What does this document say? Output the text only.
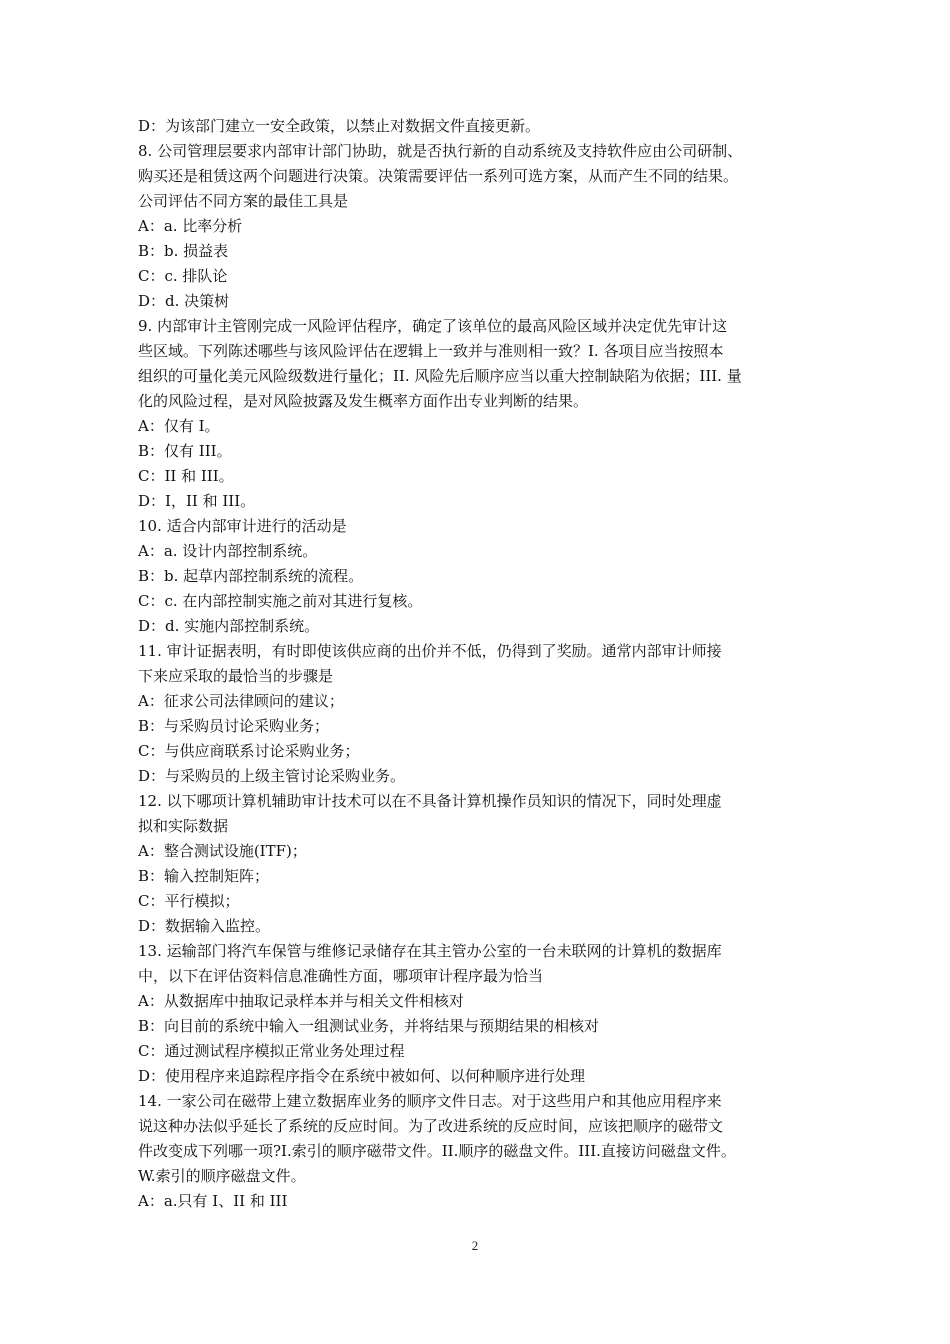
D：为该部门建立一安全政策，以禁止对数据文件直接更新。
8. 公司管理层要求内部审计部门协助，就是否执行新的自动系统及支持软件应由公司研制、
购买还是租赁这两个问题进行决策。决策需要评估一系列可选方案，从而产生不同的结果。
公司评估不同方案的最佳工具是
A：a. 比率分析
B：b. 损益表
C：c. 排队论
D：d. 决策树
9. 内部审计主管刚完成一风险评估程序，确定了该单位的最高风险区域并决定优先审计这
些区域。下列陈述哪些与该风险评估在逻辑上一致并与准则相一致？I. 各项目应当按照本
组织的可量化美元风险级数进行量化；II. 风险先后顺序应当以重大控制缺陷为依据；III. 量
化的风险过程，是对风险披露及发生概率方面作出专业判断的结果。
A：仅有 I。
B：仅有 III。
C：II 和 III。
D：I，II 和 III。
10. 适合内部审计进行的活动是
A：a. 设计内部控制系统。
B：b. 起草内部控制系统的流程。
C：c. 在内部控制实施之前对其进行复核。
D：d. 实施内部控制系统。
11. 审计证据表明，有时即使该供应商的出价并不低，仍得到了奖励。通常内部审计师接
下来应采取的最恰当的步骤是
A：征求公司法律顾问的建议；
B：与采购员讨论采购业务；
C：与供应商联系讨论采购业务；
D：与采购员的上级主管讨论采购业务。
12. 以下哪项计算机辅助审计技术可以在不具备计算机操作员知识的情况下，同时处理虚
拟和实际数据
A：整合测试设施(ITF)；
B：输入控制矩阵；
C：平行模拟；
D：数据输入监控。
13. 运输部门将汽车保管与维修记录储存在其主管办公室的一台未联网的计算机的数据库
中，以下在评估资料信息准确性方面，哪项审计程序最为恰当
A：从数据库中抽取记录样本并与相关文件相核对
B：向目前的系统中输入一组测试业务，并将结果与预期结果的相核对
C：通过测试程序模拟正常业务处理过程
D：使用程序来追踪程序指令在系统中被如何、以何种顺序进行处理
14. 一家公司在磁带上建立数据库业务的顺序文件日志。对于这些用户和其他应用程序来
说这种办法似乎延长了系统的反应时间。为了改进系统的反应时间，应该把顺序的磁带文
件改变成下列哪一项?I.索引的顺序磁带文件。II.顺序的磁盘文件。III.直接访问磁盘文件。
W.索引的顺序磁盘文件。
A：a.只有 I、II 和 III
2
